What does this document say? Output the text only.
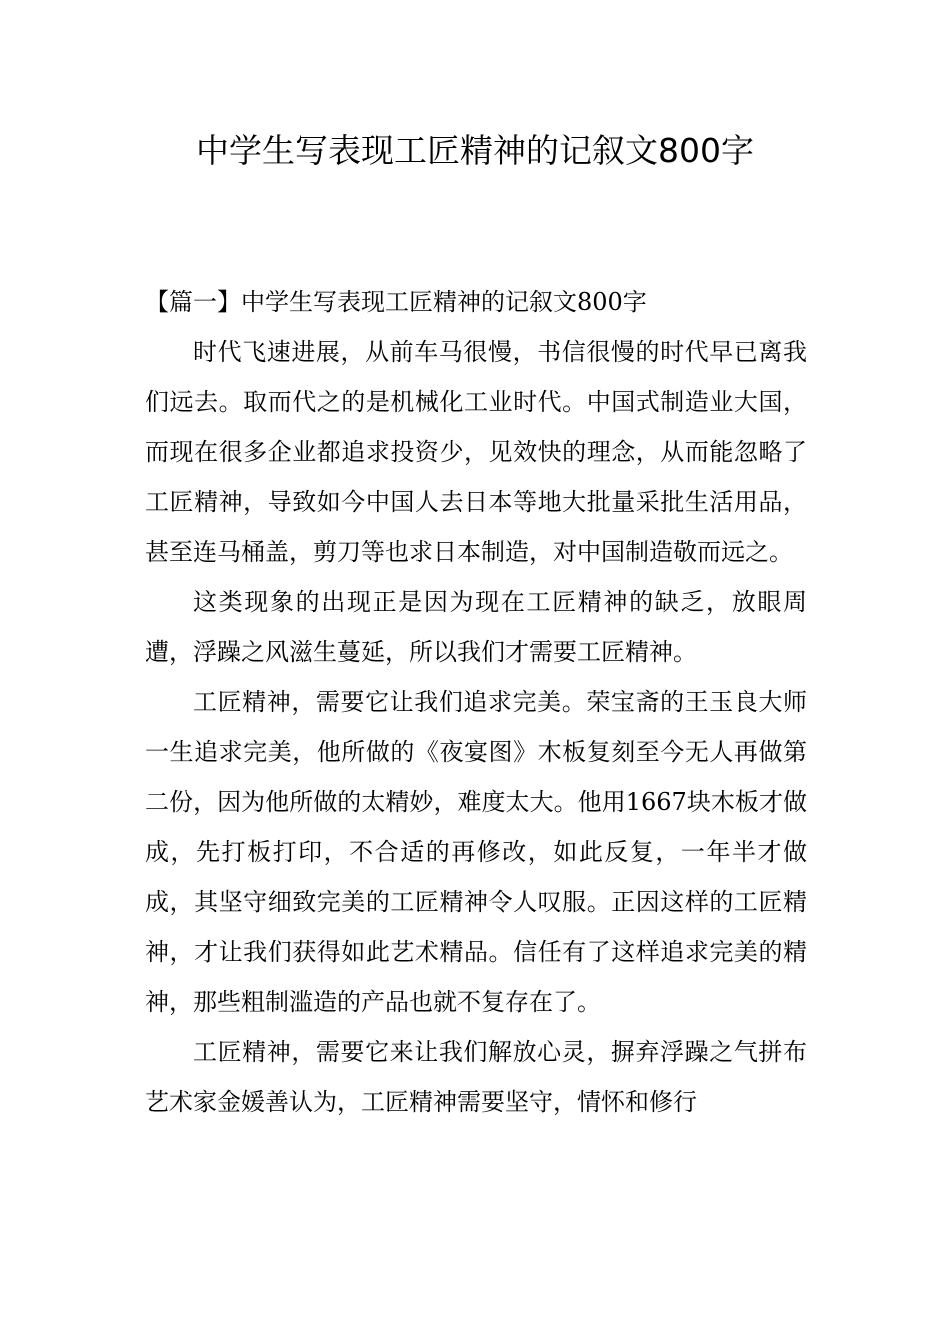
中学生写表现工匠精神的记叙文800字
【篇一】中学生写表现工匠精神的记叙文800字

时代飞速进展，从前车马很慢，书信很慢的时代早已离我们远去。取而代之的是机械化工业时代。中国式制造业大国，而现在很多企业都追求投资少，见效快的理念，从而能忽略了工匠精神，导致如今中国人去日本等地大批量采批生活用品，甚至连马桶盖，剪刀等也求日本制造，对中国制造敬而远之。

这类现象的出现正是因为现在工匠精神的缺乏，放眼周遭，浮躁之风滋生蔓延，所以我们才需要工匠精神。

工匠精神，需要它让我们追求完美。荣宝斋的王玉良大师一生追求完美，他所做的《夜宴图》木板复刻至今无人再做第二份，因为他所做的太精妙，难度太大。他用1667块木板才做成，先打板打印，不合适的再修改，如此反复，一年半才做成，其坚守细致完美的工匠精神令人叹服。正因这样的工匠精神，才让我们获得如此艺术精品。信任有了这样追求完美的精神，那些粗制滥造的产品也就不复存在了。

工匠精神，需要它来让我们解放心灵，摒弃浮躁之气拼布艺术家金媛善认为，工匠精神需要坚守，情怀和修行
